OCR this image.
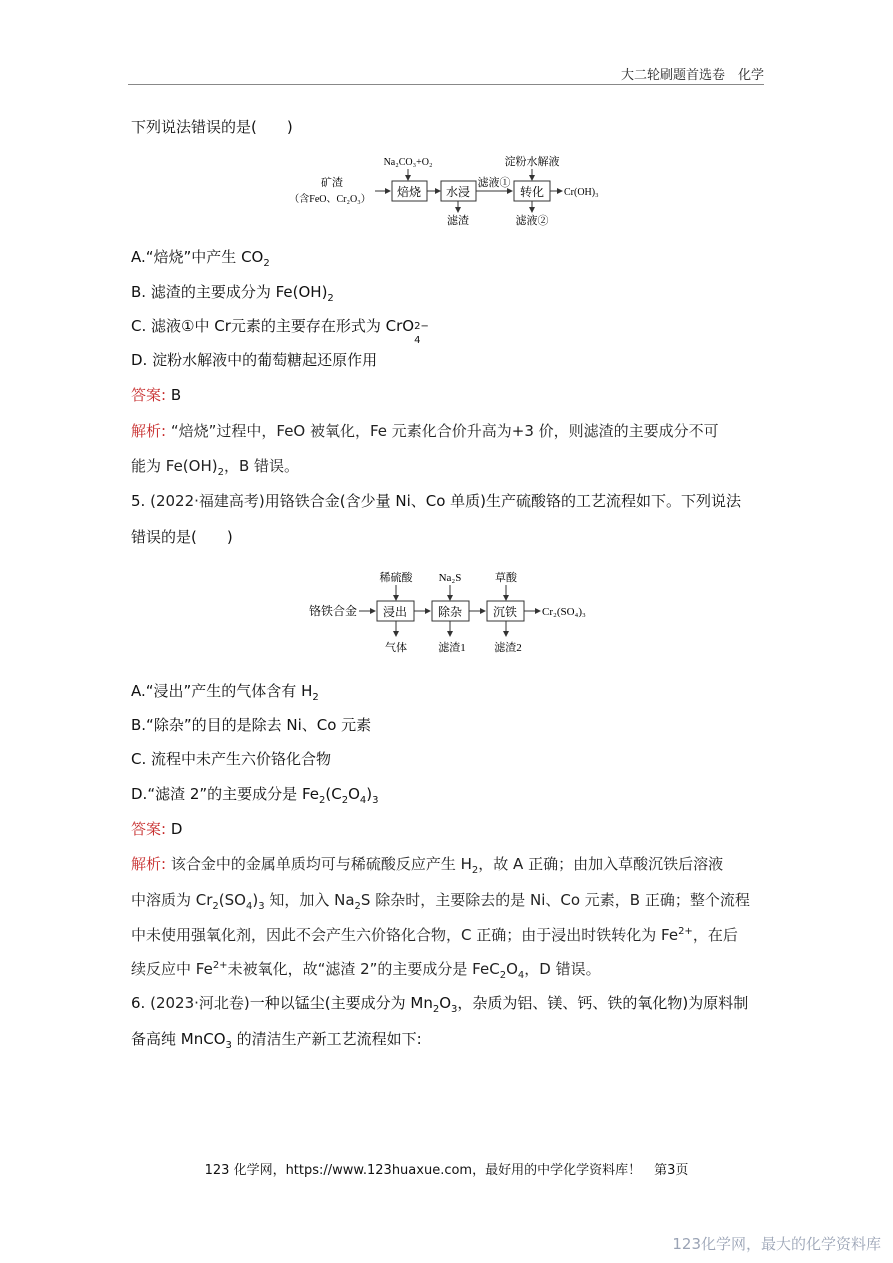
大二轮刷题首选卷　化学
下列说法错误的是(　　)
矿渣
（含FeO、Cr₂O₃）
Na₂CO₃+O₂
焙烧 水浸
滤渣
滤液①
淀粉水解液
转化
滤液②
Cr(OH)₃
A.“焙烧”中产生 $CO_2$
B. 滤渣的主要成分为 $Fe(OH)_2$
C. 滤液①中 Cr元素的主要存在形式为 CrO 2−
4
D. 淀粉水解液中的葡萄糖起还原作用
答案: B
解析: “焙烧”过程中，FeO 被氧化，Fe 元素化合价升高为+3 价，则滤渣的主要成分不可
能为 $Fe(OH)_2$，B 错误。
5. (2022·福建高考)用铬铁合金(含少量 Ni、Co 单质)生产硫酸铬的工艺流程如下。下列说法
错误的是(　　)
铬铁合金
稀硫酸
浸出
气体
Na₂S
除杂
滤渣1
草酸
沉铁
滤渣2
Cr₂(SO₄)₃
A.“浸出”产生的气体含有 $H_2$
B.“除杂”的目的是除去 Ni、Co 元素
C. 流程中未产生六价铬化合物
D.“滤渣 2”的主要成分是 $Fe_2(C_2O_4)_3$
答案: D
解析: 该合金中的金属单质均可与稀硫酸反应产生 $H_2$，故 A 正确；由加入草酸沉铁后溶液
中溶质为 $Cr_2(SO_4)_3$ 知，加入 $Na_2S$ 除杂时，主要除去的是 Ni、Co 元素，B 正确；整个流程
中未使用强氧化剂，因此不会产生六价铬化合物，C 正确；由于浸出时铁转化为 $Fe^{2+}$，在后
续反应中 $Fe^{2+}$未被氧化，故“滤渣 2”的主要成分是 $FeC_2O_4$，D 错误。
6. (2023·河北卷)一种以锰尘(主要成分为 $Mn_2O_3$，杂质为铝、镁、钙、铁的氧化物)为原料制
备高纯 MnCO$_3$ 的清洁生产新工艺流程如下:
123 化学网，https://www.123huaxue.com，最好用的中学化学资料库！　第3页
123化学网，最大的化学资料库
